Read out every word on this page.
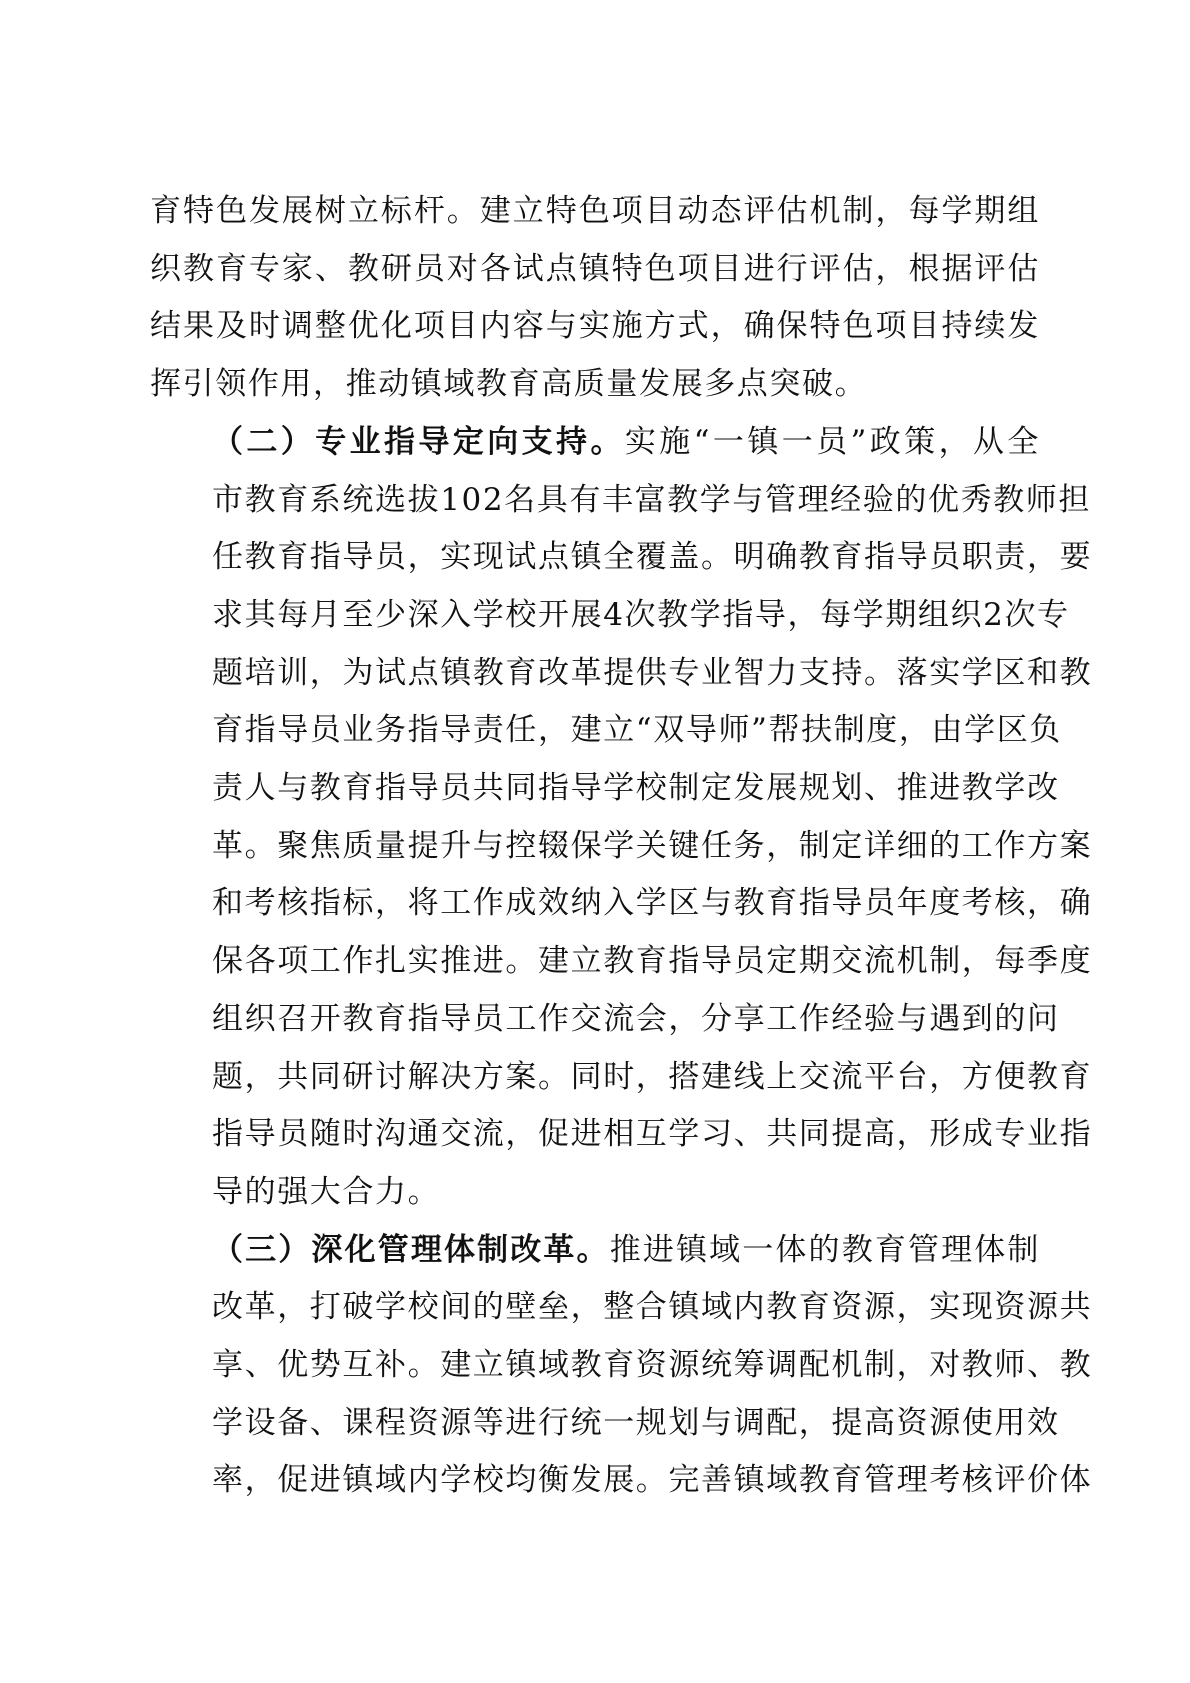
育特色发展树立标杆。建立特色项目动态评估机制，每学期组
织教育专家、教研员对各试点镇特色项目进行评估，根据评估
结果及时调整优化项目内容与实施方式，确保特色项目持续发
挥引领作用，推动镇域教育高质量发展多点突破。

（二）专业指导定向支持。实施“一镇一员”政策，从全
市教育系统选拔102名具有丰富教学与管理经验的优秀教师担
任教育指导员，实现试点镇全覆盖。明确教育指导员职责，要
求其每月至少深入学校开展4次教学指导，每学期组织2次专
题培训，为试点镇教育改革提供专业智力支持。落实学区和教
育指导员业务指导责任，建立“双导师”帮扶制度，由学区负
责人与教育指导员共同指导学校制定发展规划、推进教学改
革。聚焦质量提升与控辍保学关键任务，制定详细的工作方案
和考核指标，将工作成效纳入学区与教育指导员年度考核，确
保各项工作扎实推进。建立教育指导员定期交流机制，每季度
组织召开教育指导员工作交流会，分享工作经验与遇到的问
题，共同研讨解决方案。同时，搭建线上交流平台，方便教育
指导员随时沟通交流，促进相互学习、共同提高，形成专业指
导的强大合力。

（三）深化管理体制改革。推进镇域一体的教育管理体制
改革，打破学校间的壁垒，整合镇域内教育资源，实现资源共
享、优势互补。建立镇域教育资源统筹调配机制，对教师、教
学设备、课程资源等进行统一规划与调配，提高资源使用效
率，促进镇域内学校均衡发展。完善镇域教育管理考核评价体
